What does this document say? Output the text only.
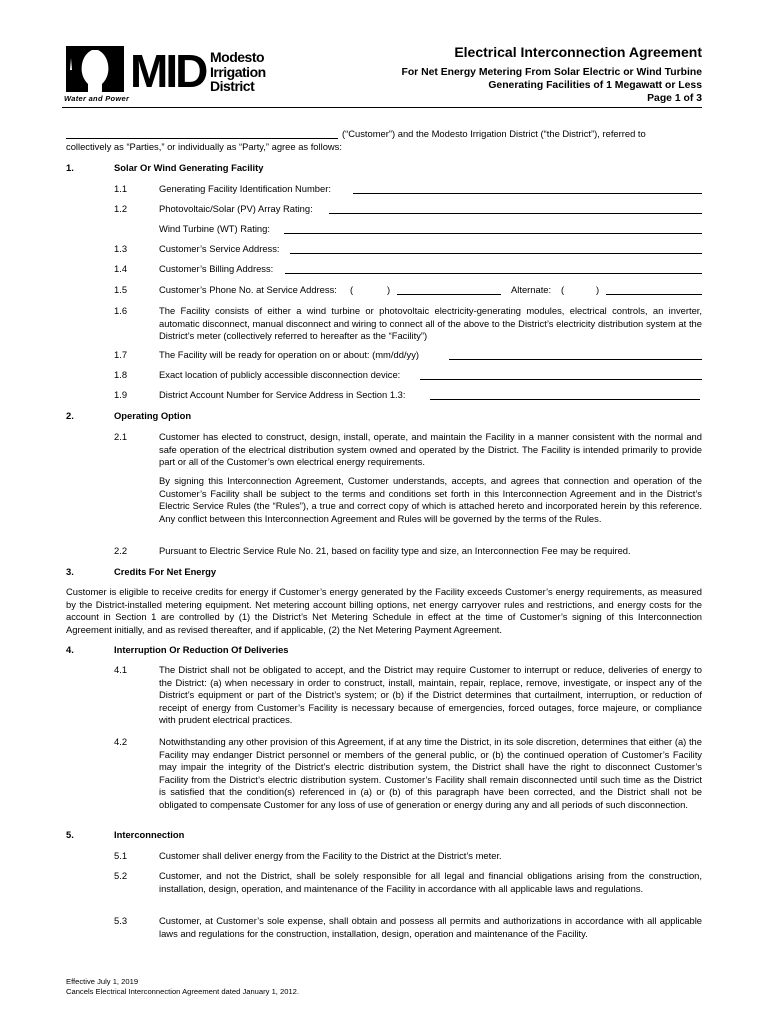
MID Modesto
Irrigation
District
Water and Power
Electrical Interconnection Agreement
For Net Energy Metering From Solar Electric or Wind Turbine
Generating Facilities of 1 Megawatt or Less
Page 1 of 3
(“Customer”) and the Modesto Irrigation District (“the District”), referred to
collectively as “Parties,” or individually as “Party,” agree as follows:
1.	Solar Or Wind Generating Facility
1.1	Generating Facility Identification Number:
1.2	Photovoltaic/Solar (PV) Array Rating:
Wind Turbine (WT) Rating:
1.3	Customer’s Service Address:
1.4	Customer’s Billing Address:
1.5	Customer’s Phone No. at Service Address: (	)	Alternate: (	)
1.6	The Facility consists of either a wind turbine or photovoltaic electricity-generating modules, electrical controls, an inverter, automatic disconnect, manual disconnect and wiring to connect all of the above to the District’s electricity distribution system at the District’s meter (collectively referred to hereafter as the “Facility”)
1.7	The Facility will be ready for operation on or about: (mm/dd/yy)
1.8	Exact location of publicly accessible disconnection device:
1.9	District Account Number for Service Address in Section 1.3:
2.	Operating Option
2.1	Customer has elected to construct, design, install, operate, and maintain the Facility in a manner consistent with the normal and safe operation of the electrical distribution system owned and operated by the District. The Facility is intended primarily to provide part or all of the Customer’s own electrical energy requirements.
By signing this Interconnection Agreement, Customer understands, accepts, and agrees that connection and operation of the Customer’s Facility shall be subject to the terms and conditions set forth in this Interconnection Agreement and in the District’s Electric Service Rules (the “Rules”), a true and correct copy of which is attached hereto and incorporated herein by this reference. Any conflict between this Interconnection Agreement and Rules will be governed by the terms of the Rules.
2.2	Pursuant to Electric Service Rule No. 21, based on facility type and size, an Interconnection Fee may be required.
3.	Credits For Net Energy
Customer is eligible to receive credits for energy if Customer’s energy generated by the Facility exceeds Customer’s energy requirements, as measured by the District-installed metering equipment. Net metering account billing options, net energy carryover rules and restrictions, and energy costs for the account in Section 1 are controlled by (1) the District’s Net Metering Schedule in effect at the time of Customer’s signing of this Interconnection Agreement initially, and as revised thereafter, and if applicable, (2) the Net Metering Payment Agreement.
4.	Interruption Or Reduction Of Deliveries
4.1	The District shall not be obligated to accept, and the District may require Customer to interrupt or reduce, deliveries of energy to the District: (a) when necessary in order to construct, install, maintain, repair, replace, remove, investigate, or inspect any of the District’s equipment or part of the District’s system; or (b) if the District determines that curtailment, interruption, or reduction of receipt of energy from Customer’s Facility is necessary because of emergencies, forced outages, force majeure, or compliance with prudent electrical practices.
4.2	Notwithstanding any other provision of this Agreement, if at any time the District, in its sole discretion, determines that either (a) the Facility may endanger District personnel or members of the general public, or (b) the continued operation of Customer’s Facility may impair the integrity of the District’s electric distribution system, the District shall have the right to disconnect Customer’s Facility from the District’s electric distribution system. Customer’s Facility shall remain disconnected until such time as the District is satisfied that the condition(s) referenced in (a) or (b) of this paragraph have been corrected, and the District shall not be obligated to compensate Customer for any loss of use of generation or energy during any and all periods of such disconnection.
5.	Interconnection
5.1	Customer shall deliver energy from the Facility to the District at the District’s meter.
5.2	Customer, and not the District, shall be solely responsible for all legal and financial obligations arising from the construction, installation, design, operation, and maintenance of the Facility in accordance with all applicable laws and regulations.
5.3	Customer, at Customer’s sole expense, shall obtain and possess all permits and authorizations in accordance with all applicable laws and regulations for the construction, installation, design, operation and maintenance of the Facility.
Effective July 1, 2019
Cancels Electrical Interconnection Agreement dated January 1, 2012.
